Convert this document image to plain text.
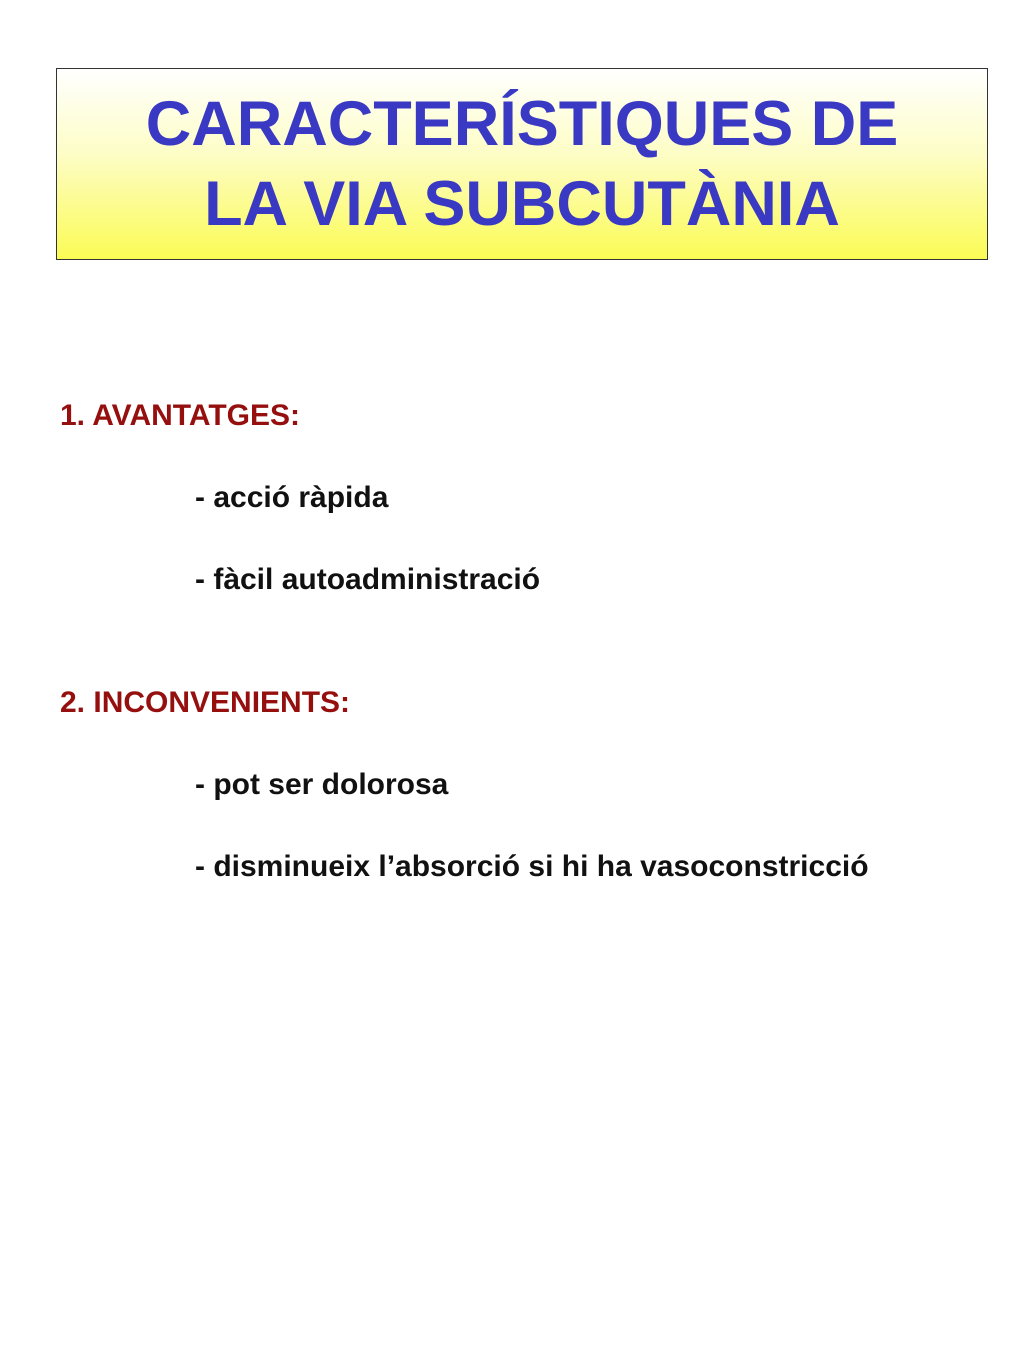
CARACTERÍSTIQUES DE
LA VIA SUBCUTÀNIA
1. AVANTATGES:
- acció ràpida
- fàcil autoadministració
2. INCONVENIENTS:
- pot ser dolorosa
- disminueix l’absorció si hi ha vasoconstricció
